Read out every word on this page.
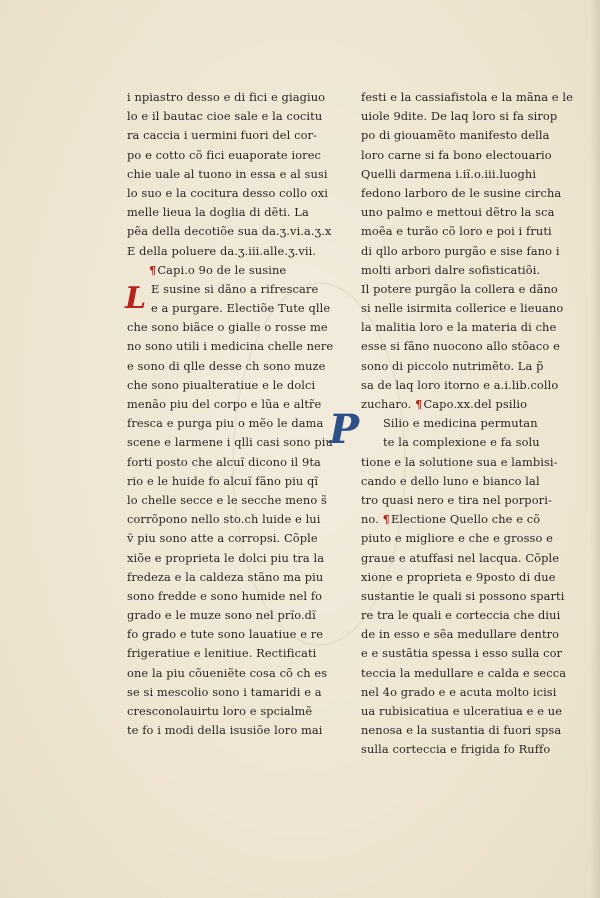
i npiastro desso e di fici e giagiuo
lo e il bautac cioe sale e la cocitu
ra caccia i uermini fuori del cor-
po e cotto cõ fici euaporate iorec
chie uale al tuono in essa e al susi
lo suo e la cocitura desso collo oxi
melle lieua la doglia di dẽti. La
pẽa della decotiõe sua da.ʒ.vi.a.ʒ.x
E della poluere da.ʒ.iii.alle.ʒ.vii.
¶Capi.o 9o de le susine
L E susine si dãno a rifrescare
e a purgare. Electiõe Tute qlle
che sono biãce o gialle o rosse me
no sono utili i medicina chelle nere
e sono di qlle desse ch sono muze
che sono piualteratiue e le dolci
menão piu del corpo e lũa e altr̃e
fresca e purga piu o mẽo le dama
scene e larmene i qlli casi sono piu
forti posto che alcuĩ dicono il 9ta
rio e le huide fo alcuĩ fãno piu qĩ
lo chelle secce e le secche meno s̃
corrõpono nello sto.ch luide e lui
ṽ piu sono atte a corropsi. Cõple
xiõe e proprieta le dolci piu tra la
fredeza e la caldeza stãno ma piu
sono fredde e sono humide nel fo
grado e le muze sono nel prĩo.dĩ
fo grado e tute sono lauatiue e re
frigeratiue e lenitiue. Rectificati
one la piu cõueniẽte cosa cõ ch es
se si mescolio sono i tamaridi e a
cresconolauirtu loro e spcialmẽ
te fo i modi della isusiõe loro mai
festi e la cassiafistola e la mãna e le
uiole 9dite. De laq loro si fa sirop
po di giouamẽto manifesto della
loro carne si fa bono electouario
Quelli darmena i.iĩ.o.iii.luoghi
fedono larboro de le susine circha
uno palmo e mettoui dẽtro la sca
moẽa e turão cõ loro e poi i fruti
di qllo arboro purgão e sise fano i
molti arbori dalre sofisticatiõi.
Il potere purgão la collera e dãno
si nelle isirmita collerice e lieuano
la malitia loro e la materia di che
esse si fãno nuocono allo stõaco e
sono di piccolo nutrimẽto. La p̃
sa de laq loro itorno e a.i.lib.collo
zucharo. ¶Capo.xx.del psilio
P	Silio e medicina permutan
te la complexione e fa solu
tione e la solutione sua e lambisi-
cando e dello luno e bianco lal
tro quasi nero e tira nel porpori-
no. ¶Electione Quello che e cõ
piuto e migliore e che e grosso e
graue e atuffasi nel lacqua. Cõple
xione e proprieta e 9posto di due
sustantie le quali si possono sparti
re tra le quali e corteccia che diui
de in esso e sẽa medullare dentro
e e sustãtia spessa i esso sulla cor
teccia la medullare e calda e secca
nel 4o grado e e acuta molto icisi
ua rubisicatiua e ulceratiua e e ue
nenosa e la sustantia di fuori spsa
sulla corteccia e frigida fo Ruffo
